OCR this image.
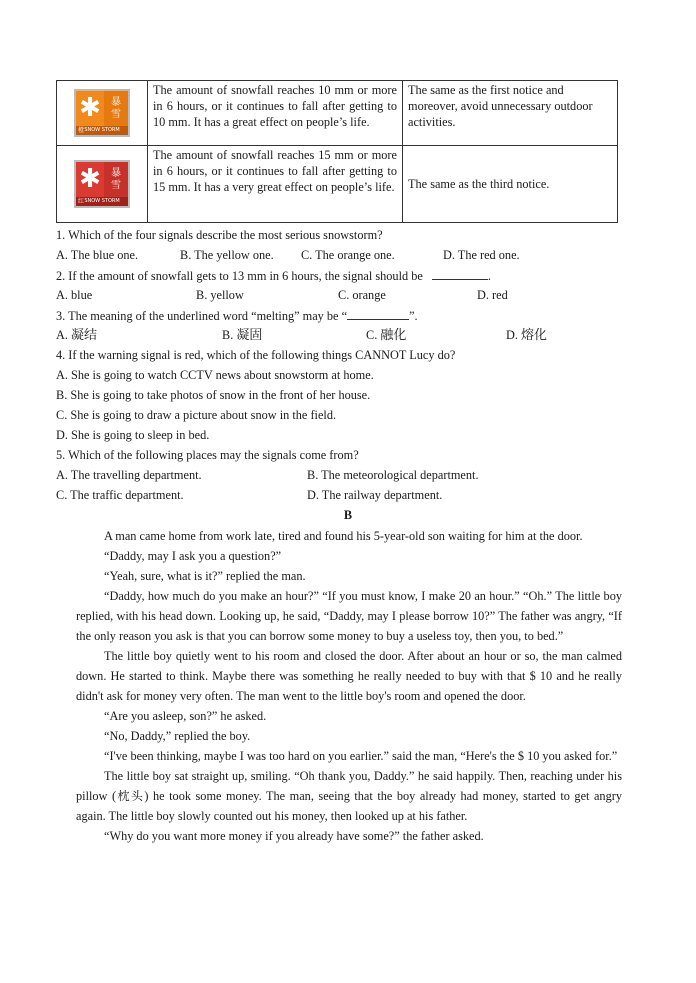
✱ 暴
雪
橙 SNOW STORM	The amount of snowfall reaches 10 mm or more in 6 hours, or it continues to fall after getting to 10 mm. It has a great effect on people’s life.	The same as the first notice and moreover, avoid unnecessary outdoor activities.

✱ 暴
雪
红 SNOW STORM	The amount of snowfall reaches 15 mm or more in 6 hours, or it continues to fall after getting to 15 mm. It has a very great effect on people’s life.	The same as the third notice.
1. Which of the four signals describe the most serious snowstorm?
A. The blue one.	B. The yellow one. C. The orange one.	D. The red one.
2. If the amount of snowfall gets to 13 mm in 6 hours, the signal should be	.
A. blue	B. yellow	C. orange	D. red
3. The meaning of the underlined word “melting” may be “	”.
A. 凝结	B. 凝固	C. 融化	D. 熔化
4. If the warning signal is red, which of the following things CANNOT Lucy do?
A. She is going to watch CCTV news about snowstorm at home.
B. She is going to take photos of snow in the front of her house.
C. She is going to draw a picture about snow in the field.
D. She is going to sleep in bed.
5. Which of the following places may the signals come from?
A. The travelling department.	B. The meteorological department.
C. The traffic department.	D. The railway department.
B

A man came home from work late, tired and found his 5-year-old son waiting for him at the door.

“Daddy, may I ask you a question?”

“Yeah, sure, what is it?” replied the man.

“Daddy, how much do you make an hour?” “If you must know, I make 20 an hour.” “Oh.” The little boy replied, with his head down. Looking up, he said, “Daddy, may I please borrow 10?” The father was angry, “If the only reason you ask is that you can borrow some money to buy a useless toy, then you, to bed.”

The little boy quietly went to his room and closed the door. After about an hour or so, the man calmed down. He started to think. Maybe there was something he really needed to buy with that $ 10 and he really didn't ask for money very often. The man went to the little boy's room and opened the door.

“Are you asleep, son?” he asked.

“No, Daddy,” replied the boy.

“I've been thinking, maybe I was too hard on you earlier.” said the man, “Here's the $ 10 you asked for.”

The little boy sat straight up, smiling. “Oh thank you, Daddy.” he said happily. Then, reaching under his pillow (枕头) he took some money. The man, seeing that the boy already had money, started to get angry again. The little boy slowly counted out his money, then looked up at his father.

“Why do you want more money if you already have some?” the father asked.
